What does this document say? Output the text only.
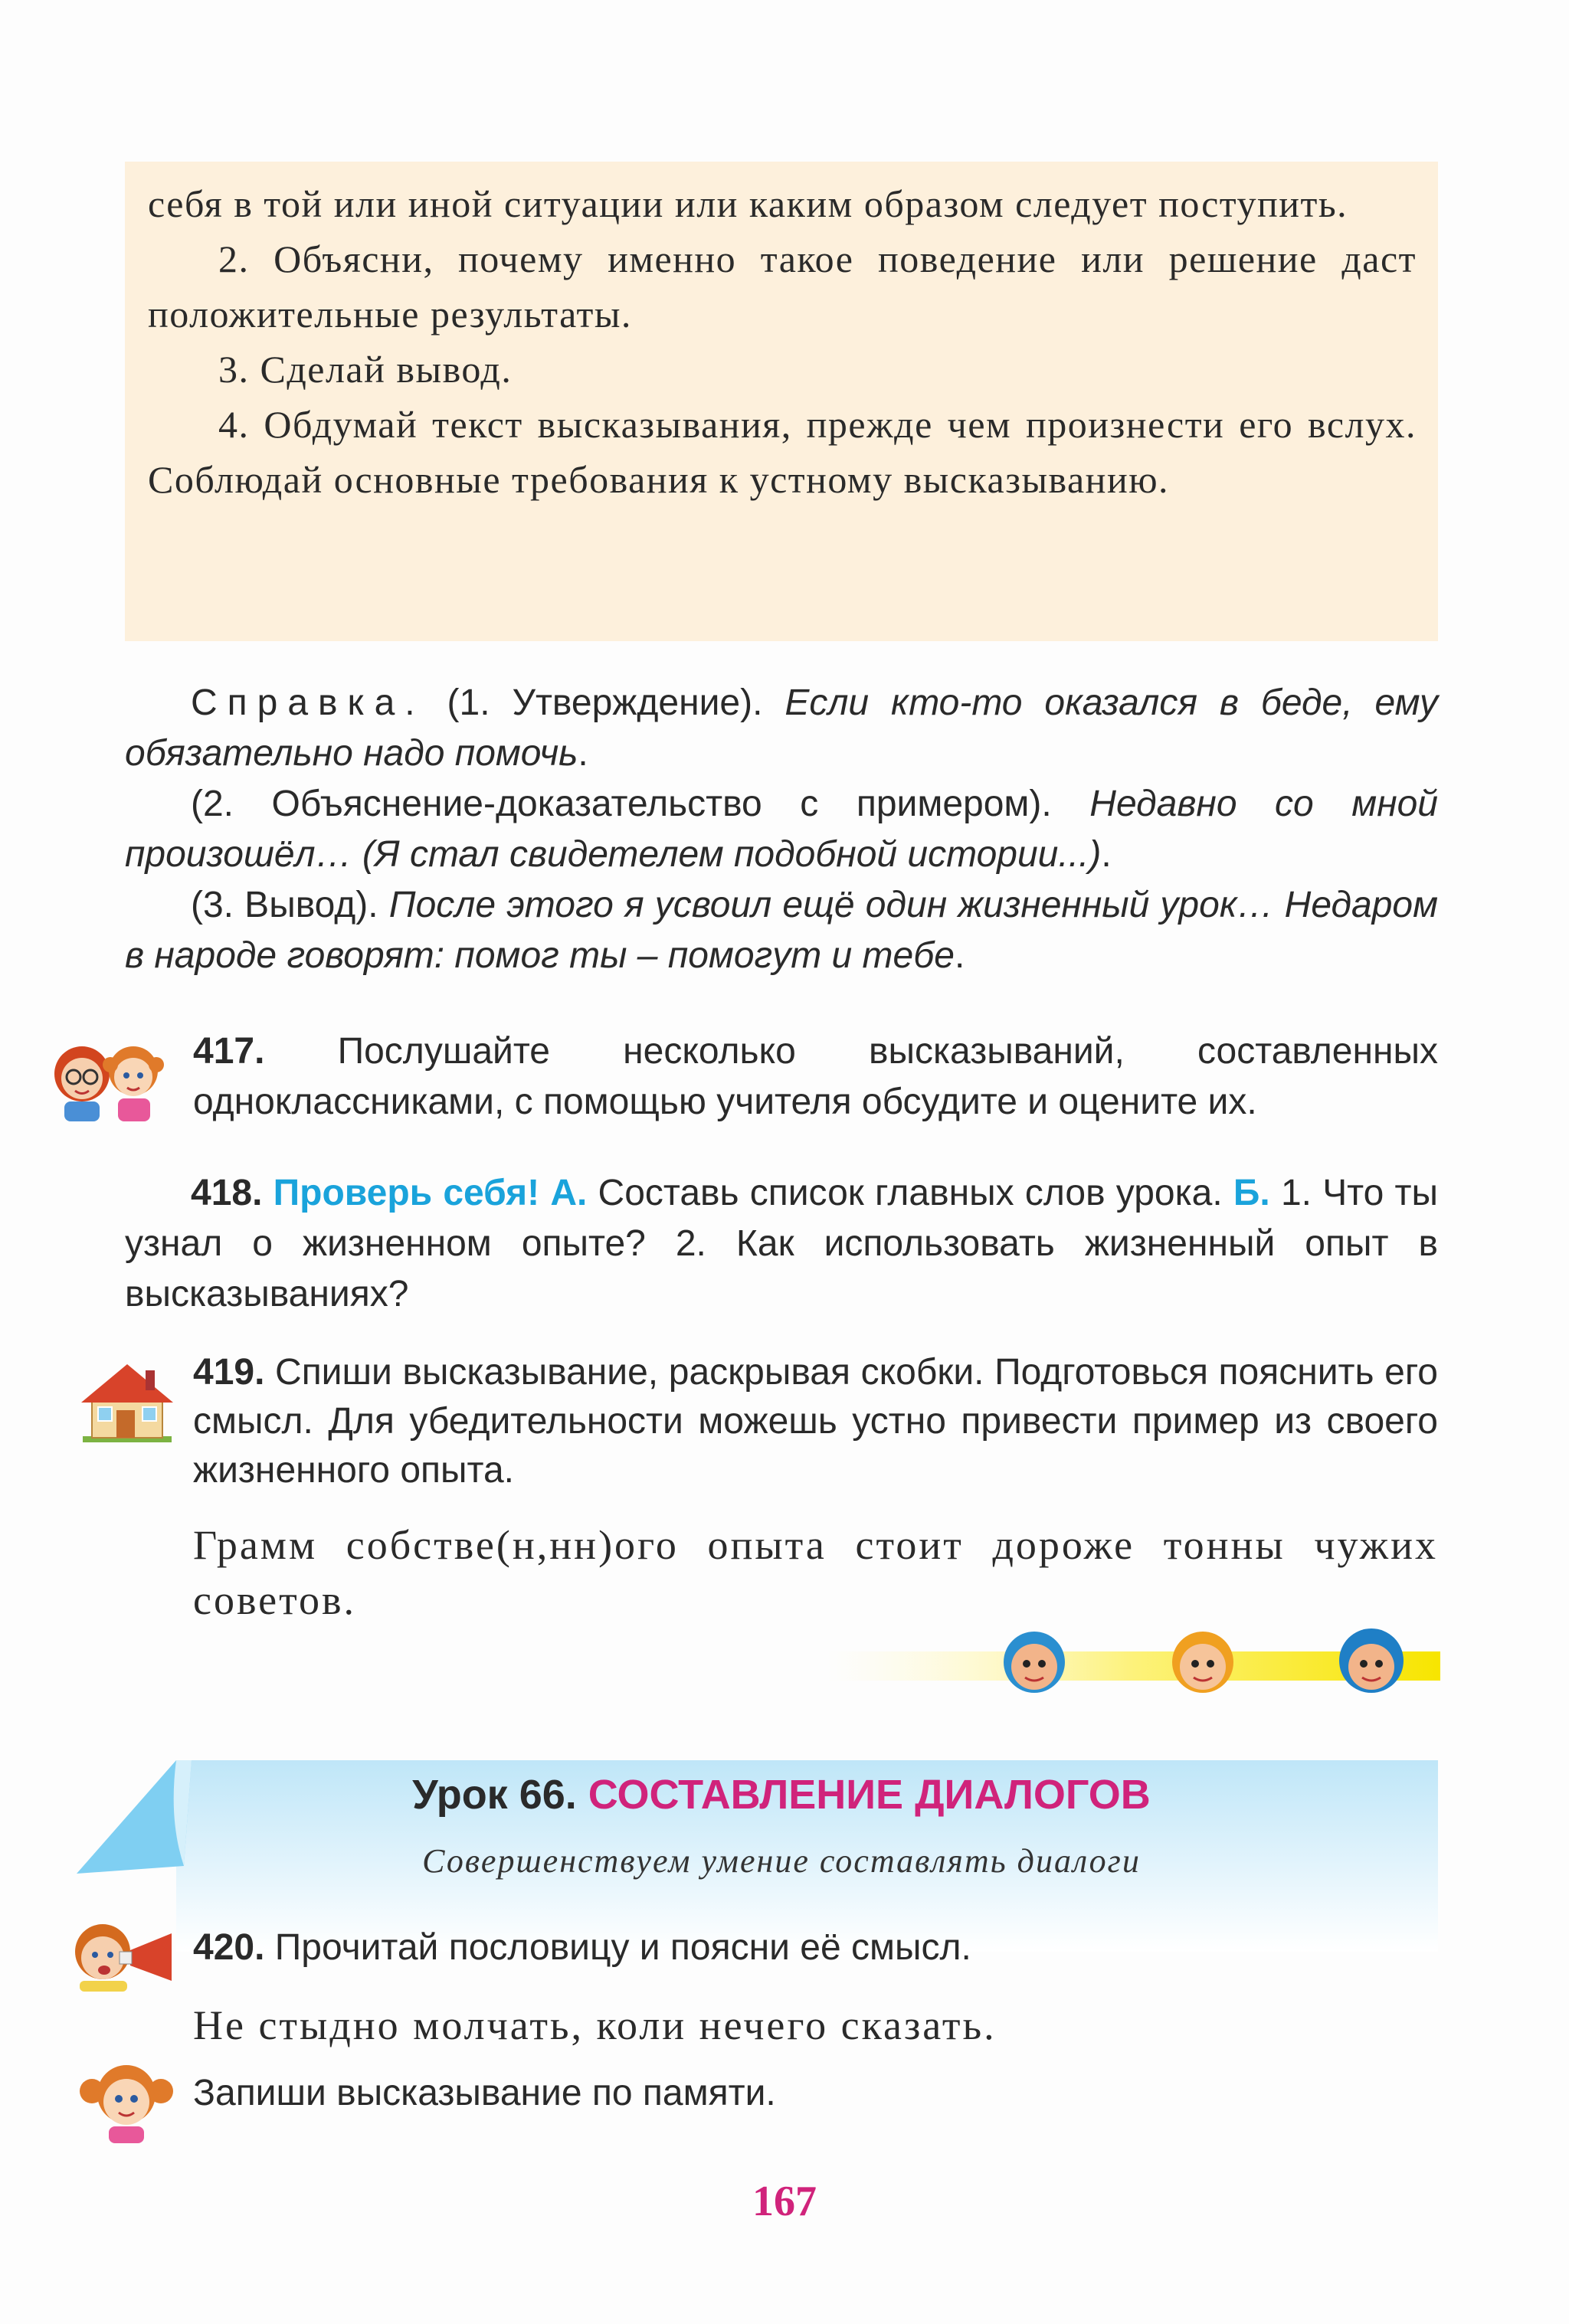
себя в той или иной ситуации или каким образом следует поступить.

2. Объясни, почему именно такое поведение или решение даст положительные результаты.

3. Сделай вывод.

4. Обдумай текст высказывания, прежде чем произнести его вслух. Соблюдай основные требования к устному высказыванию.

Справка. (1. Утверждение). Если кто-то оказался в беде, ему обязательно надо помочь.

(2. Объяснение-доказательство с примером). Недавно со мной произошёл… (Я стал свидетелем подобной истории...).

(3. Вывод). После этого я усвоил ещё один жизненный урок… Недаром в народе говорят: помог ты – помогут и тебе.

417. Послушайте несколько высказываний, составленных одноклассниками, с помощью учителя обсудите и оцените их.

418. Проверь себя! А. Составь список главных слов урока. Б. 1. Что ты узнал о жизненном опыте? 2. Как использовать жизненный опыт в высказываниях?

419. Спиши высказывание, раскрывая скобки. Подготовься пояснить его смысл. Для убедительности можешь устно привести пример из своего жизненного опыта.

Грамм собстве(н,нн)ого опыта стоит дороже тонны чужих советов.

Урок 66. СОСТАВЛЕНИЕ ДИАЛОГОВ
Совершенствуем умение составлять диалоги

420. Прочитай пословицу и поясни её смысл.

Не стыдно молчать, коли нечего сказать.

Запиши высказывание по памяти.

167
